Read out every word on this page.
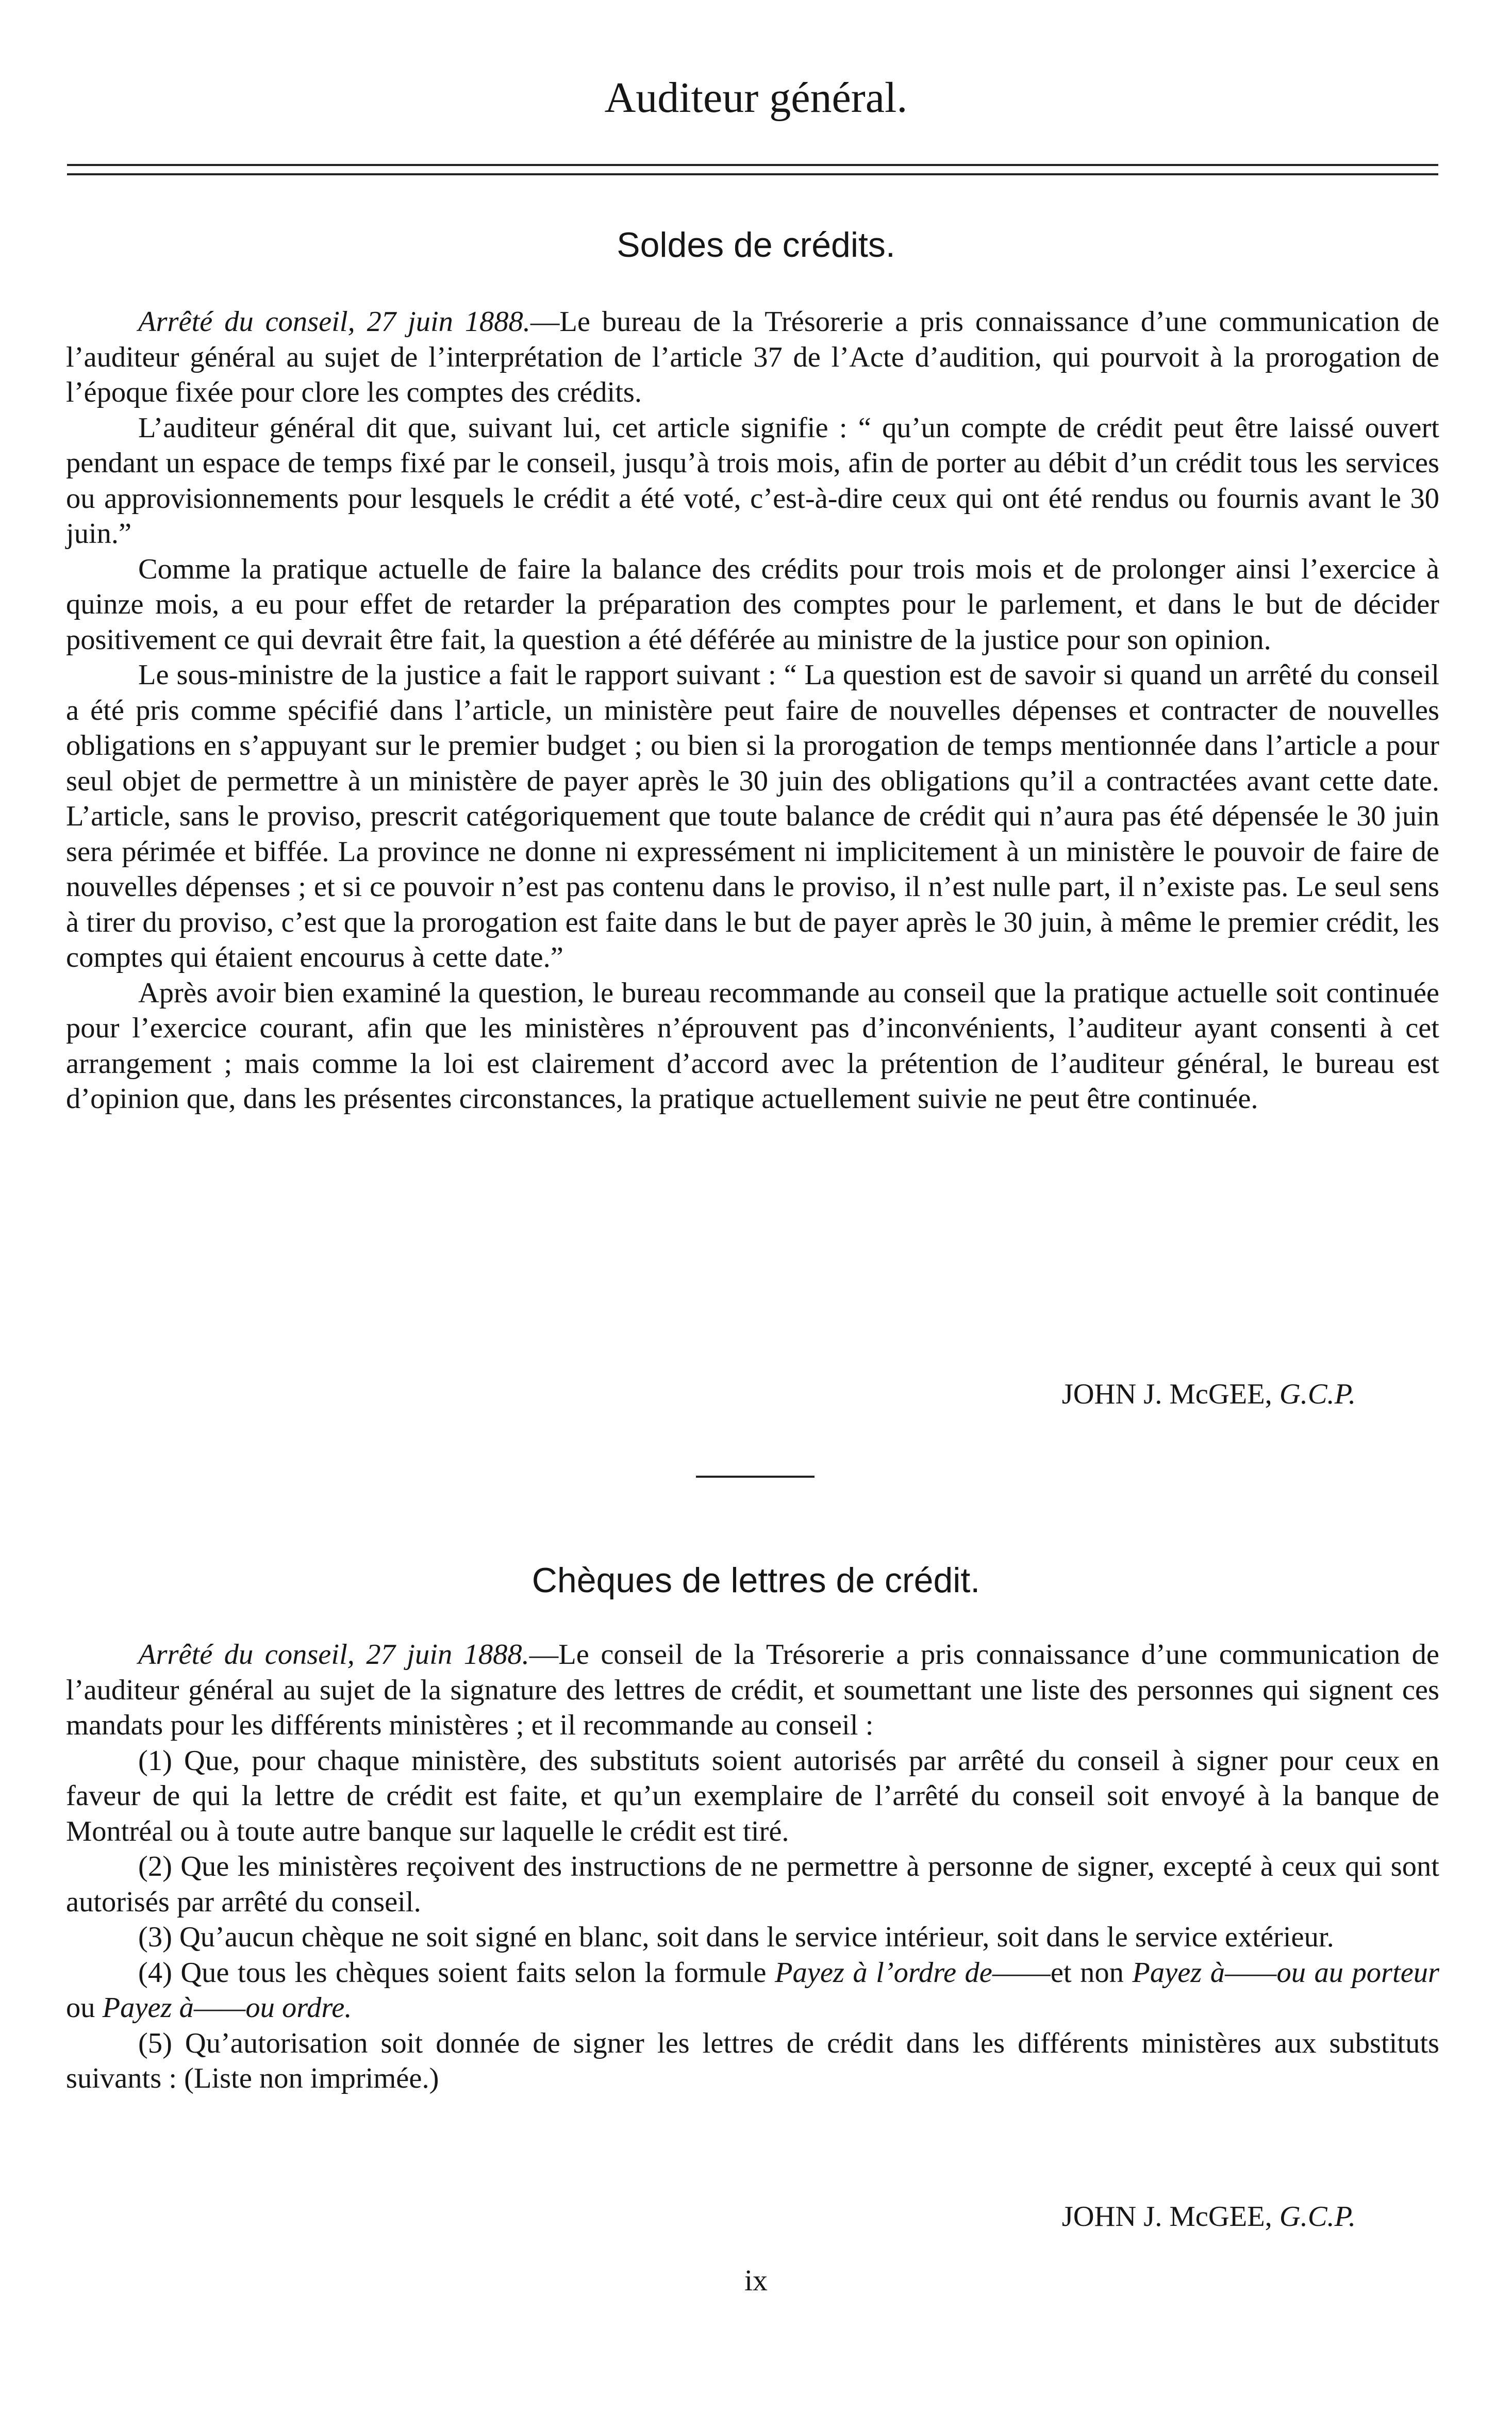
Auditeur général.
Soldes de crédits.

Arrêté du conseil, 27 juin 1888.—Le bureau de la Trésorerie a pris connaissance d’une communication de l’auditeur général au sujet de l’interprétation de l’article 37 de l’Acte d’audition, qui pourvoit à la prorogation de l’époque fixée pour clore les comptes des crédits.

L’auditeur général dit que, suivant lui, cet article signifie : “ qu’un compte de crédit peut être laissé ouvert pendant un espace de temps fixé par le conseil, jusqu’à trois mois, afin de porter au débit d’un crédit tous les services ou approvisionnements pour lesquels le crédit a été voté, c’est-à-dire ceux qui ont été rendus ou fournis avant le 30 juin.”

Comme la pratique actuelle de faire la balance des crédits pour trois mois et de prolonger ainsi l’exercice à quinze mois, a eu pour effet de retarder la préparation des comptes pour le parlement, et dans le but de décider positivement ce qui devrait être fait, la question a été déférée au ministre de la justice pour son opinion.

Le sous-ministre de la justice a fait le rapport suivant : “ La question est de savoir si quand un arrêté du conseil a été pris comme spécifié dans l’article, un ministère peut faire de nouvelles dépenses et contracter de nouvelles obligations en s’appuyant sur le premier budget ; ou bien si la prorogation de temps mentionnée dans l’article a pour seul objet de permettre à un ministère de payer après le 30 juin des obligations qu’il a contractées avant cette date. L’article, sans le proviso, prescrit catégoriquement que toute balance de crédit qui n’aura pas été dépensée le 30 juin sera périmée et biffée. La province ne donne ni expressément ni implicitement à un ministère le pouvoir de faire de nouvelles dépenses ; et si ce pouvoir n’est pas contenu dans le proviso, il n’est nulle part, il n’existe pas. Le seul sens à tirer du proviso, c’est que la prorogation est faite dans le but de payer après le 30 juin, à même le premier crédit, les comptes qui étaient encourus à cette date.”

Après avoir bien examiné la question, le bureau recommande au conseil que la pratique actuelle soit continuée pour l’exercice courant, afin que les ministères n’éprouvent pas d’inconvénients, l’auditeur ayant consenti à cet arrangement ; mais comme la loi est clairement d’accord avec la prétention de l’auditeur général, le bureau est d’opinion que, dans les présentes circonstances, la pratique actuellement suivie ne peut être continuée.

JOHN J. McGEE, G.C.P.
Chèques de lettres de crédit.

Arrêté du conseil, 27 juin 1888.—Le conseil de la Trésorerie a pris connaissance d’une communication de l’auditeur général au sujet de la signature des lettres de crédit, et soumettant une liste des personnes qui signent ces mandats pour les différents ministères ; et il recommande au conseil :

(1) Que, pour chaque ministère, des substituts soient autorisés par arrêté du conseil à signer pour ceux en faveur de qui la lettre de crédit est faite, et qu’un exemplaire de l’arrêté du conseil soit envoyé à la banque de Montréal ou à toute autre banque sur laquelle le crédit est tiré.

(2) Que les ministères reçoivent des instructions de ne permettre à personne de signer, excepté à ceux qui sont autorisés par arrêté du conseil.

(3) Qu’aucun chèque ne soit signé en blanc, soit dans le service intérieur, soit dans le service extérieur.

(4) Que tous les chèques soient faits selon la formule Payez à l’ordre de——et non Payez à——ou au porteur ou Payez à——ou ordre.

(5) Qu’autorisation soit donnée de signer les lettres de crédit dans les différents ministères aux substituts suivants : (Liste non imprimée.)

JOHN J. McGEE, G.C.P.
ix
